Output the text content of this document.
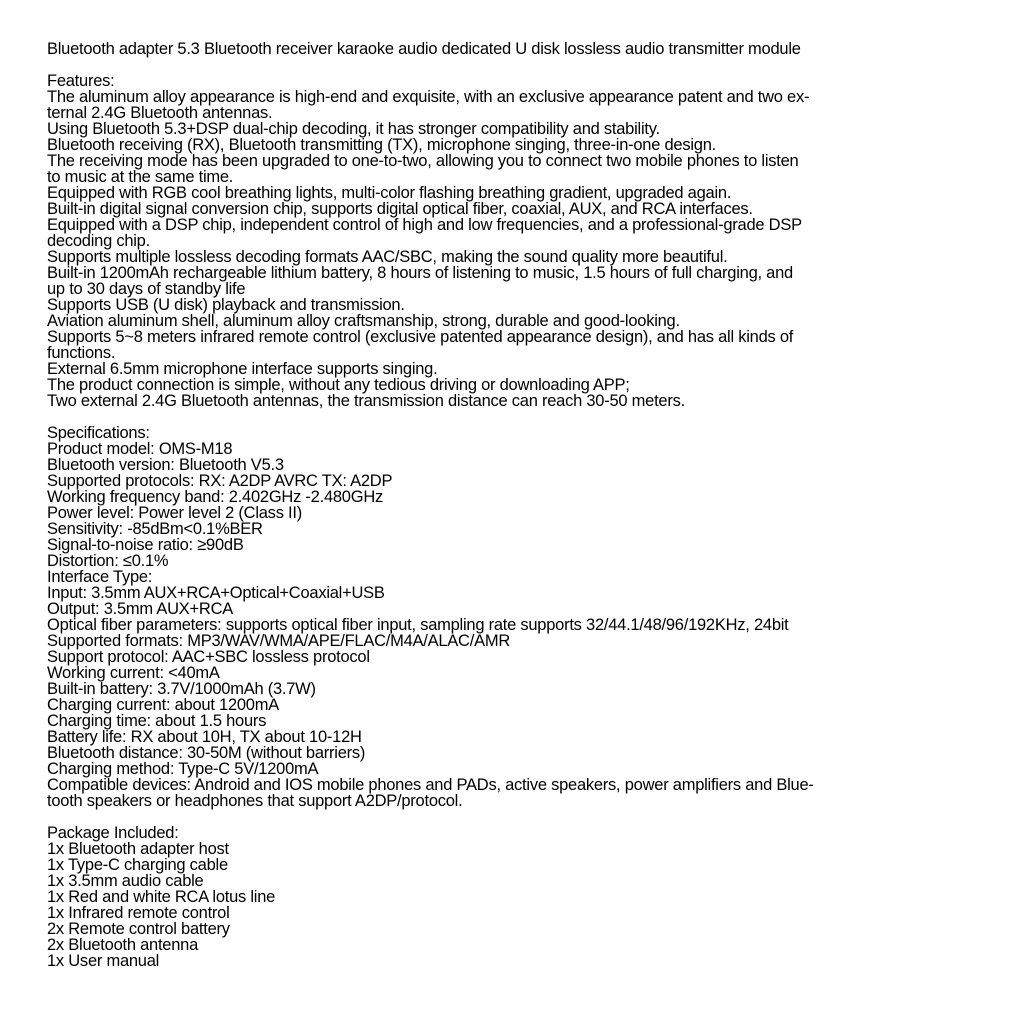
Bluetooth adapter 5.3 Bluetooth receiver karaoke audio dedicated U disk lossless audio transmitter module
Features:
The aluminum alloy appearance is high-end and exquisite, with an exclusive appearance patent and two ex-
ternal 2.4G Bluetooth antennas.
Using Bluetooth 5.3+DSP dual-chip decoding, it has stronger compatibility and stability.
Bluetooth receiving (RX), Bluetooth transmitting (TX), microphone singing, three-in-one design.
The receiving mode has been upgraded to one-to-two, allowing you to connect two mobile phones to listen
to music at the same time.
Equipped with RGB cool breathing lights, multi-color flashing breathing gradient, upgraded again.
Built-in digital signal conversion chip, supports digital optical fiber, coaxial, AUX, and RCA interfaces.
Equipped with a DSP chip, independent control of high and low frequencies, and a professional-grade DSP
decoding chip.
Supports multiple lossless decoding formats AAC/SBC, making the sound quality more beautiful.
Built-in 1200mAh rechargeable lithium battery, 8 hours of listening to music, 1.5 hours of full charging, and
up to 30 days of standby life
Supports USB (U disk) playback and transmission.
Aviation aluminum shell, aluminum alloy craftsmanship, strong, durable and good-looking.
Supports 5~8 meters infrared remote control (exclusive patented appearance design), and has all kinds of
functions.
External 6.5mm microphone interface supports singing.
The product connection is simple, without any tedious driving or downloading APP;
Two external 2.4G Bluetooth antennas, the transmission distance can reach 30-50 meters.
Specifications:
Product model: OMS-M18
Bluetooth version: Bluetooth V5.3
Supported protocols: RX: A2DP AVRC TX: A2DP
Working frequency band: 2.402GHz -2.480GHz
Power level: Power level 2 (Class II)
Sensitivity: -85dBm<0.1%BER
Signal-to-noise ratio: ≥90dB
Distortion: ≤0.1%
Interface Type:
Input: 3.5mm AUX+RCA+Optical+Coaxial+USB
Output: 3.5mm AUX+RCA
Optical fiber parameters: supports optical fiber input, sampling rate supports 32/44.1/48/96/192KHz, 24bit
Supported formats: MP3/WAV/WMA/APE/FLAC/M4A/ALAC/AMR
Support protocol: AAC+SBC lossless protocol
Working current: <40mA
Built-in battery: 3.7V/1000mAh (3.7W)
Charging current: about 1200mA
Charging time: about 1.5 hours
Battery life: RX about 10H, TX about 10-12H
Bluetooth distance: 30-50M (without barriers)
Charging method: Type-C 5V/1200mA
Compatible devices: Android and IOS mobile phones and PADs, active speakers, power amplifiers and Blue-
tooth speakers or headphones that support A2DP/protocol.
Package Included:
1x Bluetooth adapter host
1x Type-C charging cable
1x 3.5mm audio cable
1x Red and white RCA lotus line
1x Infrared remote control
2x Remote control battery
2x Bluetooth antenna
1x User manual
